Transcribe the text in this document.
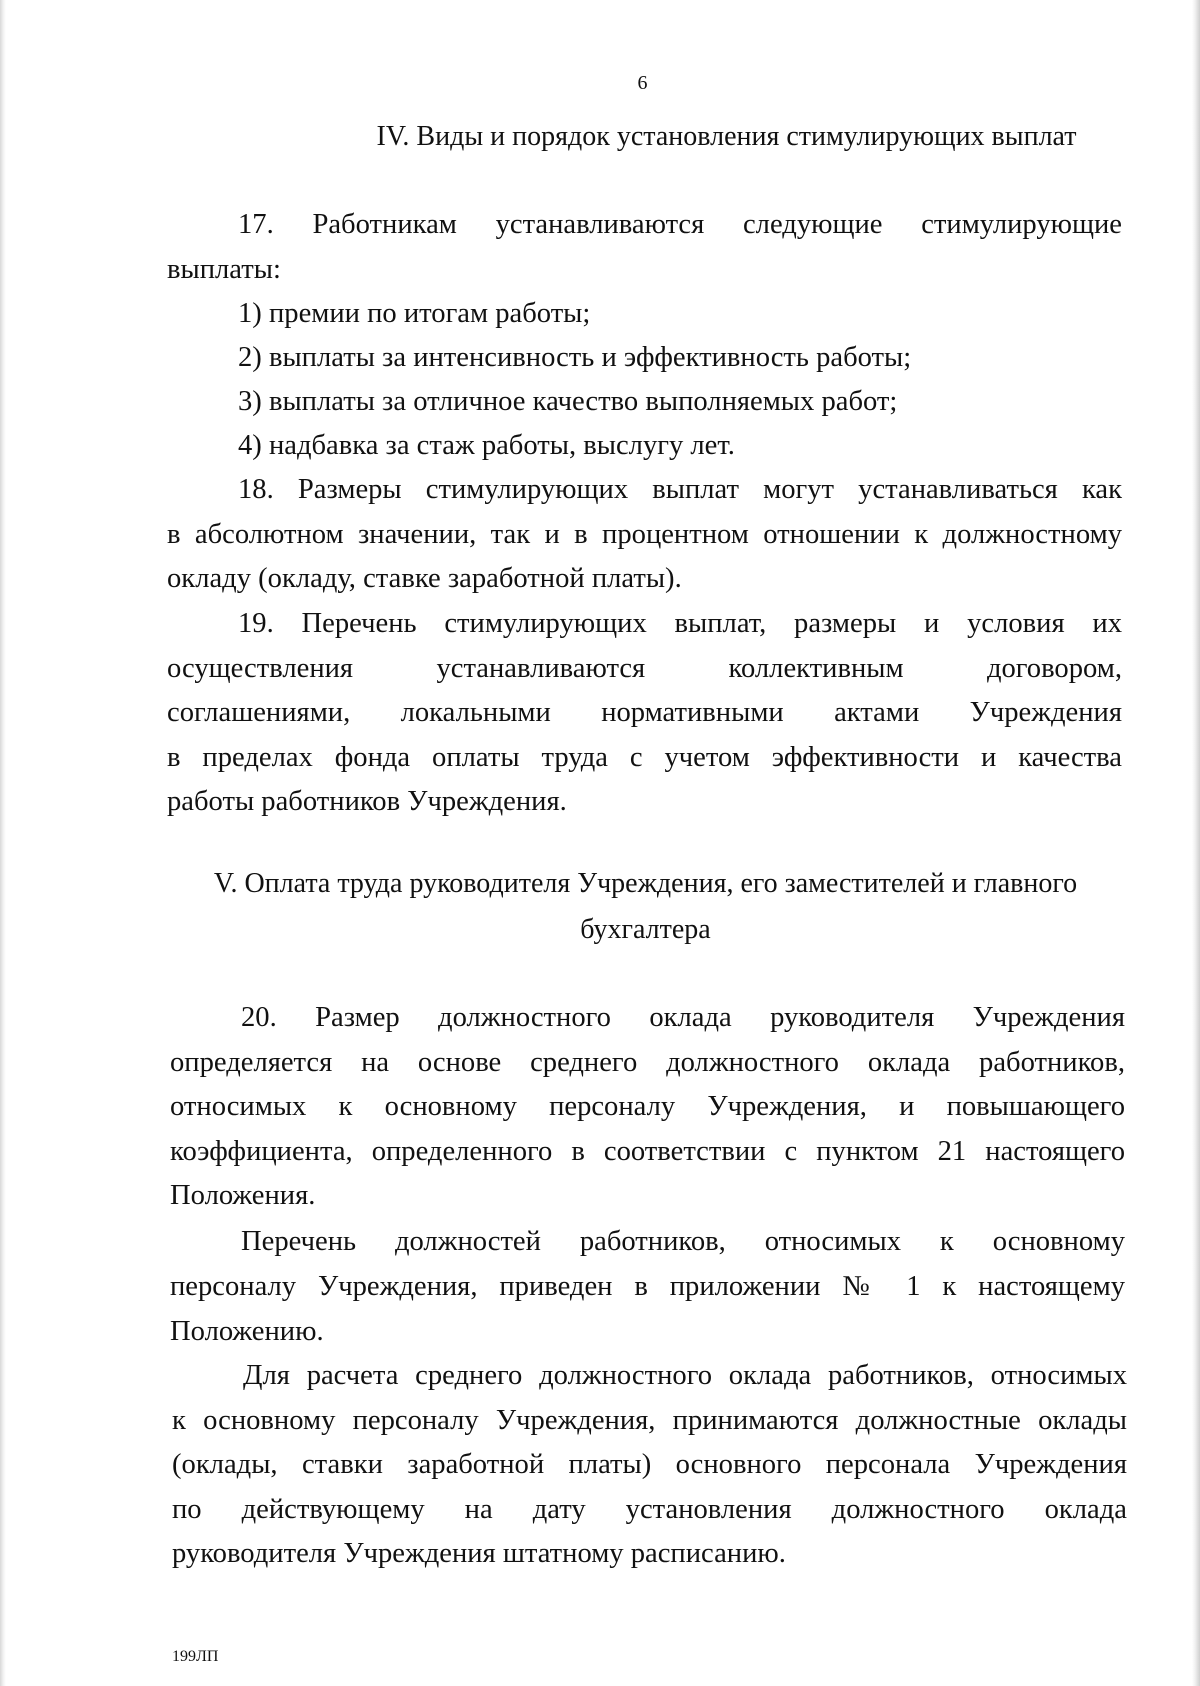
6
IV. Виды и порядок установления стимулирующих выплат
17. Работникам устанавливаются следующие стимулирующие
выплаты:
1) премии по итогам работы;
2) выплаты за интенсивность и эффективность работы;
3) выплаты за отличное качество выполняемых работ;
4) надбавка за стаж работы, выслугу лет.
18. Размеры стимулирующих выплат могут устанавливаться как
в абсолютном значении, так и в процентном отношении к должностному
окладу (окладу, ставке заработной платы).
19. Перечень стимулирующих выплат, размеры и условия их
осуществления устанавливаются коллективным договором,
соглашениями, локальными нормативными актами Учреждения
в пределах фонда оплаты труда с учетом эффективности и качества
работы работников Учреждения.
V. Оплата труда руководителя Учреждения, его заместителей и главного
бухгалтера
20. Размер должностного оклада руководителя Учреждения
определяется на основе среднего должностного оклада работников,
относимых к основному персоналу Учреждения, и повышающего
коэффициента, определенного в соответствии с пунктом 21 настоящего
Положения.
Перечень должностей работников, относимых к основному
персоналу Учреждения, приведен в приложении № 1 к настоящему
Положению.
Для расчета среднего должностного оклада работников, относимых
к основному персоналу Учреждения, принимаются должностные оклады
(оклады, ставки заработной платы) основного персонала Учреждения
по действующему на дату установления должностного оклада
руководителя Учреждения штатному расписанию.
199ЛП
